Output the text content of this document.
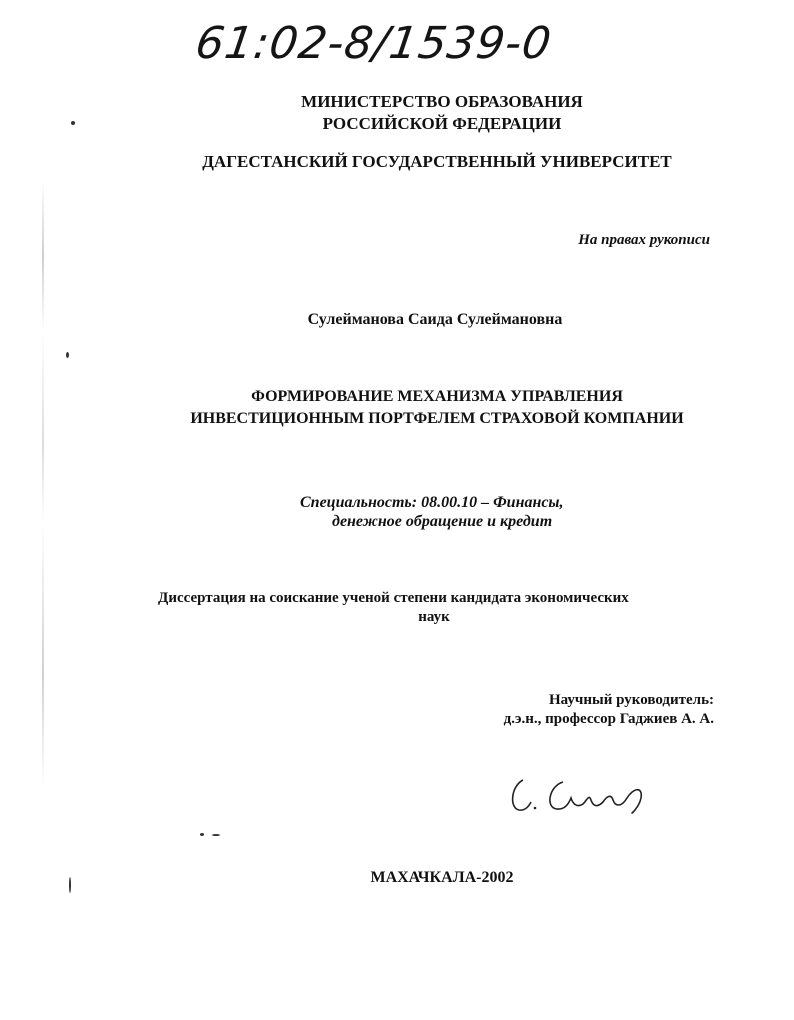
61:02-8/1539-0
МИНИСТЕРСТВО ОБРАЗОВАНИЯ
РОССИЙСКОЙ ФЕДЕРАЦИИ
ДАГЕСТАНСКИЙ ГОСУДАРСТВЕННЫЙ УНИВЕРСИТЕТ
На правах рукописи
Сулейманова Саида Сулеймановна
ФОРМИРОВАНИЕ МЕХАНИЗМА УПРАВЛЕНИЯ
ИНВЕСТИЦИОННЫМ ПОРТФЕЛЕМ СТРАХОВОЙ КОМПАНИИ
Специальность: 08.00.10 – Финансы,
денежное обращение и кредит
Диссертация на соискание ученой степени кандидата экономических
наук
Научный руководитель:
д.э.н., профессор Гаджиев А. А.
МАХАЧКАЛА-2002
